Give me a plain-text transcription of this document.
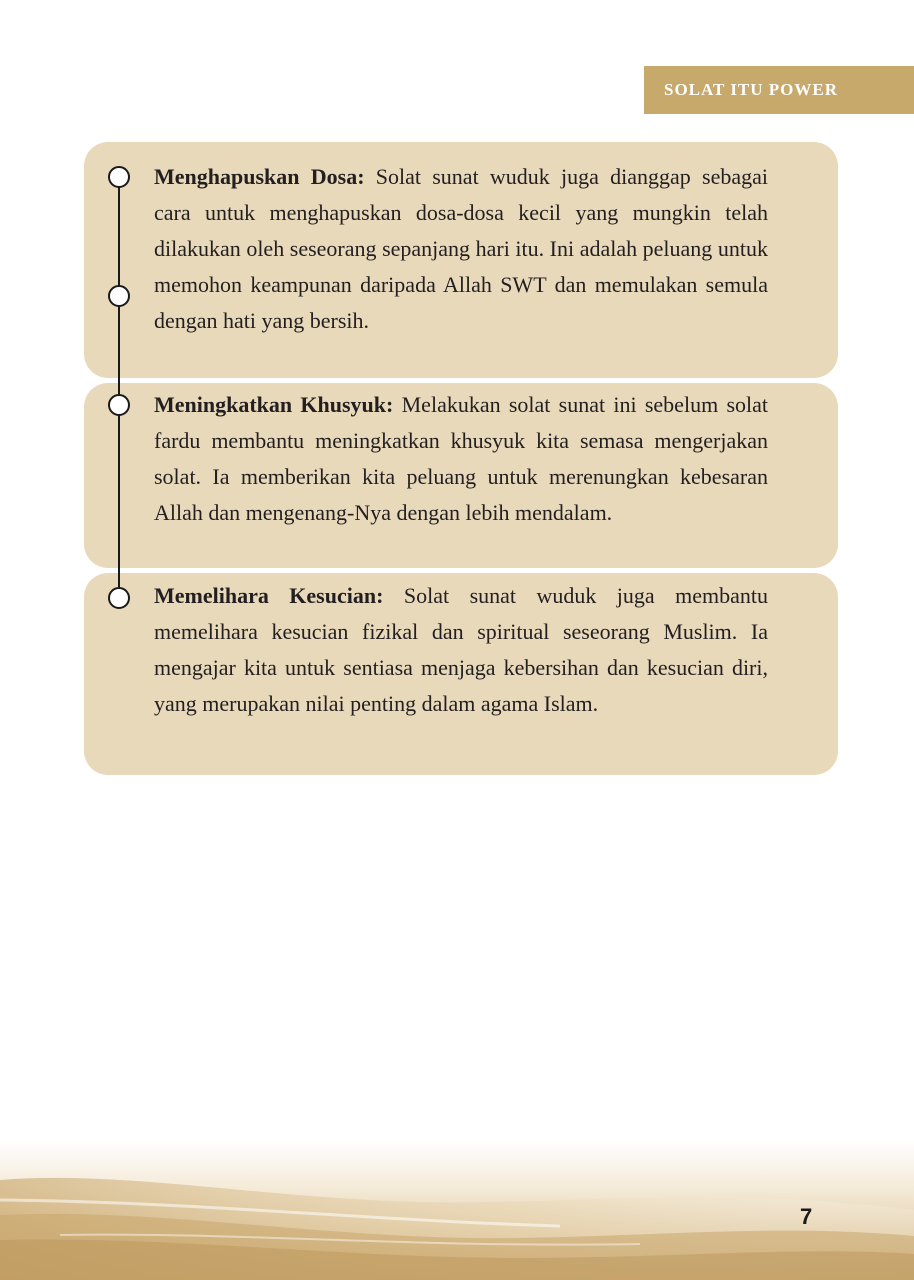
SOLAT ITU POWER
Menghapuskan Dosa: Solat sunat wuduk juga dianggap sebagai cara untuk menghapuskan dosa-dosa kecil yang mungkin telah dilakukan oleh seseorang sepanjang hari itu. Ini adalah peluang untuk memohon keampunan daripada Allah SWT dan memulakan semula dengan hati yang bersih.
Meningkatkan Khusyuk: Melakukan solat sunat ini sebelum solat fardu membantu meningkatkan khusyuk kita semasa mengerjakan solat. Ia memberikan kita peluang untuk merenungkan kebesaran Allah dan mengenang-Nya dengan lebih mendalam.
Memelihara Kesucian: Solat sunat wuduk juga membantu memelihara kesucian fizikal dan spiritual seseorang Muslim. Ia mengajar kita untuk sentiasa menjaga kebersihan dan kesucian diri, yang merupakan nilai penting dalam agama Islam.
7
